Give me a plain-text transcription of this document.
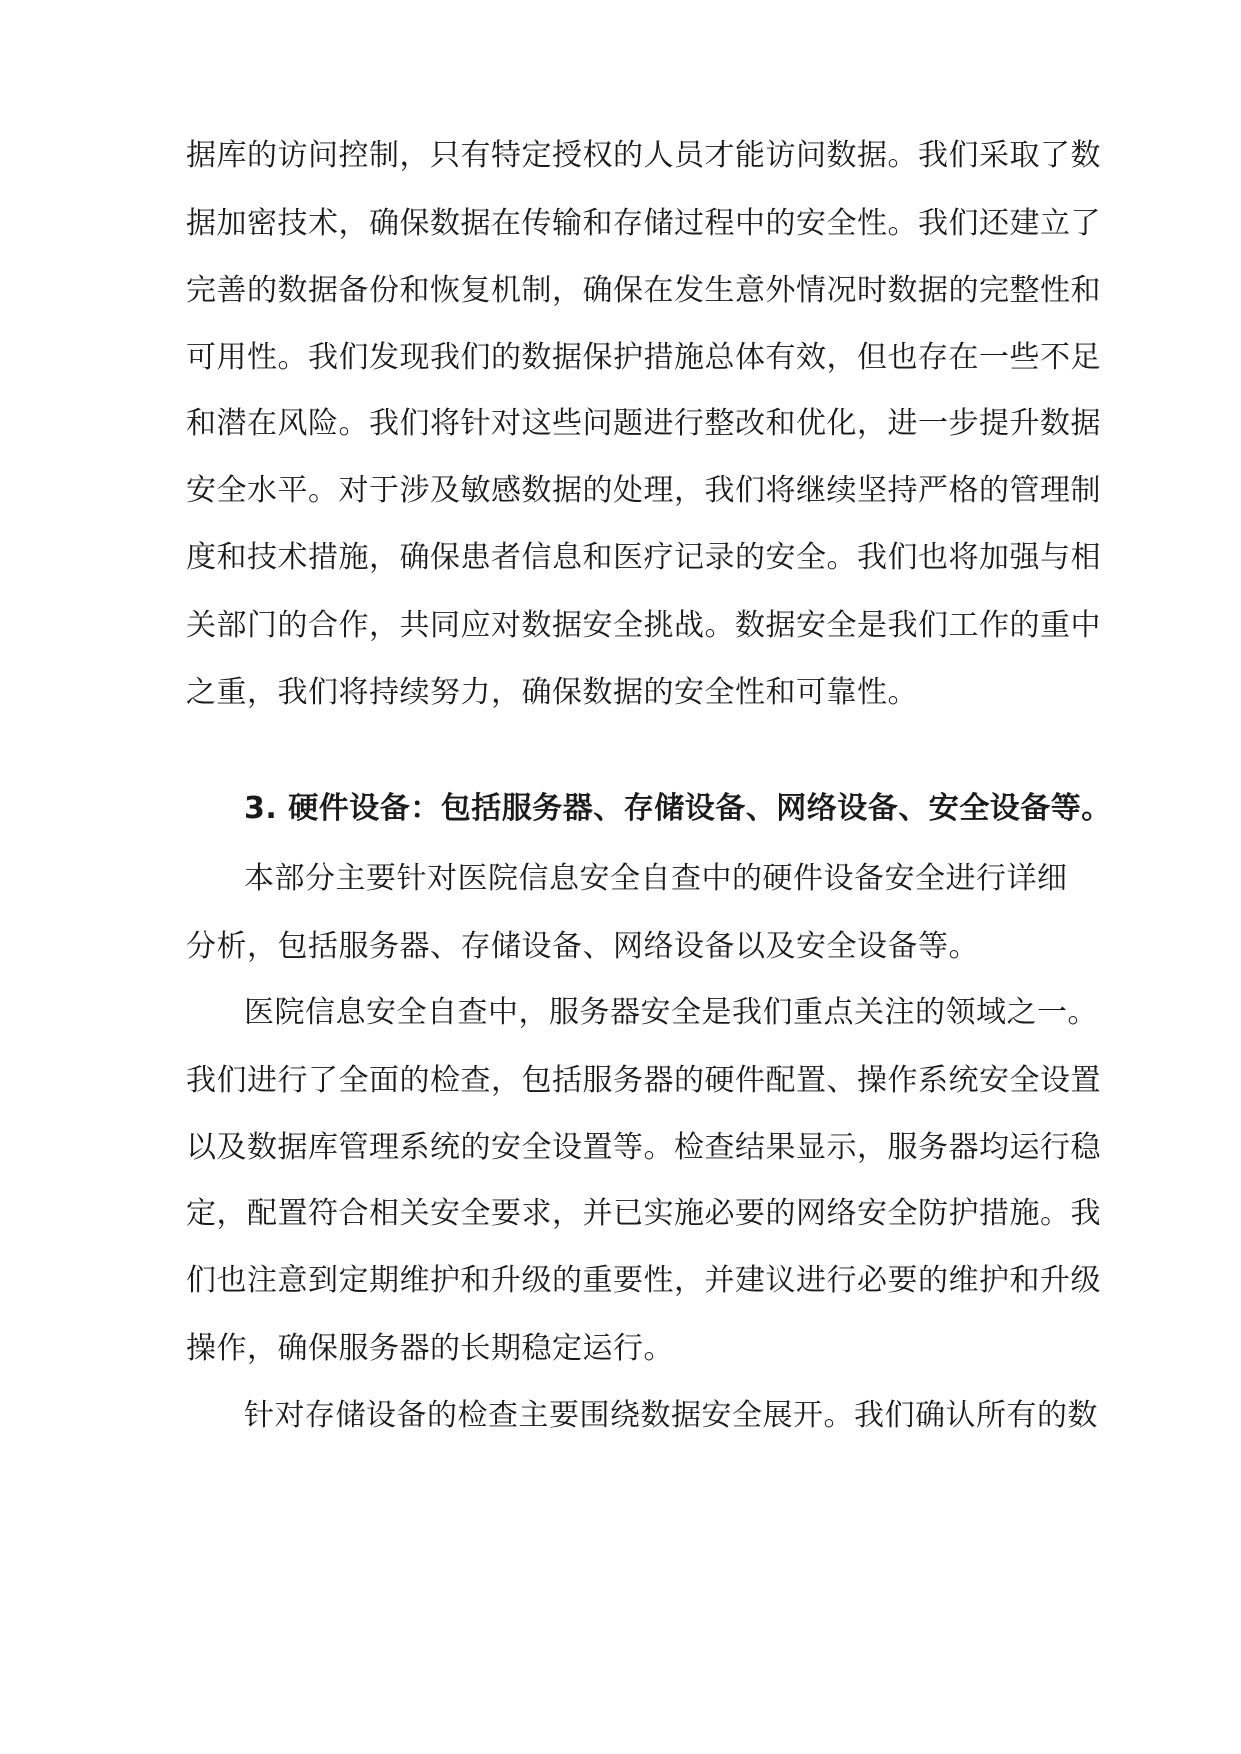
据库的访问控制，只有特定授权的人员才能访问数据。我们采取了数
据加密技术，确保数据在传输和存储过程中的安全性。我们还建立了
完善的数据备份和恢复机制，确保在发生意外情况时数据的完整性和
可用性。我们发现我们的数据保护措施总体有效，但也存在一些不足
和潜在风险。我们将针对这些问题进行整改和优化，进一步提升数据
安全水平。对于涉及敏感数据的处理，我们将继续坚持严格的管理制
度和技术措施，确保患者信息和医疗记录的安全。我们也将加强与相
关部门的合作，共同应对数据安全挑战。数据安全是我们工作的重中
之重，我们将持续努力，确保数据的安全性和可靠性。
3. 硬件设备：包括服务器、存储设备、网络设备、安全设备等。
本部分主要针对医院信息安全自查中的硬件设备安全进行详细
分析，包括服务器、存储设备、网络设备以及安全设备等。
医院信息安全自查中，服务器安全是我们重点关注的领域之一。
我们进行了全面的检查，包括服务器的硬件配置、操作系统安全设置
以及数据库管理系统的安全设置等。检查结果显示，服务器均运行稳
定，配置符合相关安全要求，并已实施必要的网络安全防护措施。我
们也注意到定期维护和升级的重要性，并建议进行必要的维护和升级
操作，确保服务器的长期稳定运行。
针对存储设备的检查主要围绕数据安全展开。我们确认所有的数
